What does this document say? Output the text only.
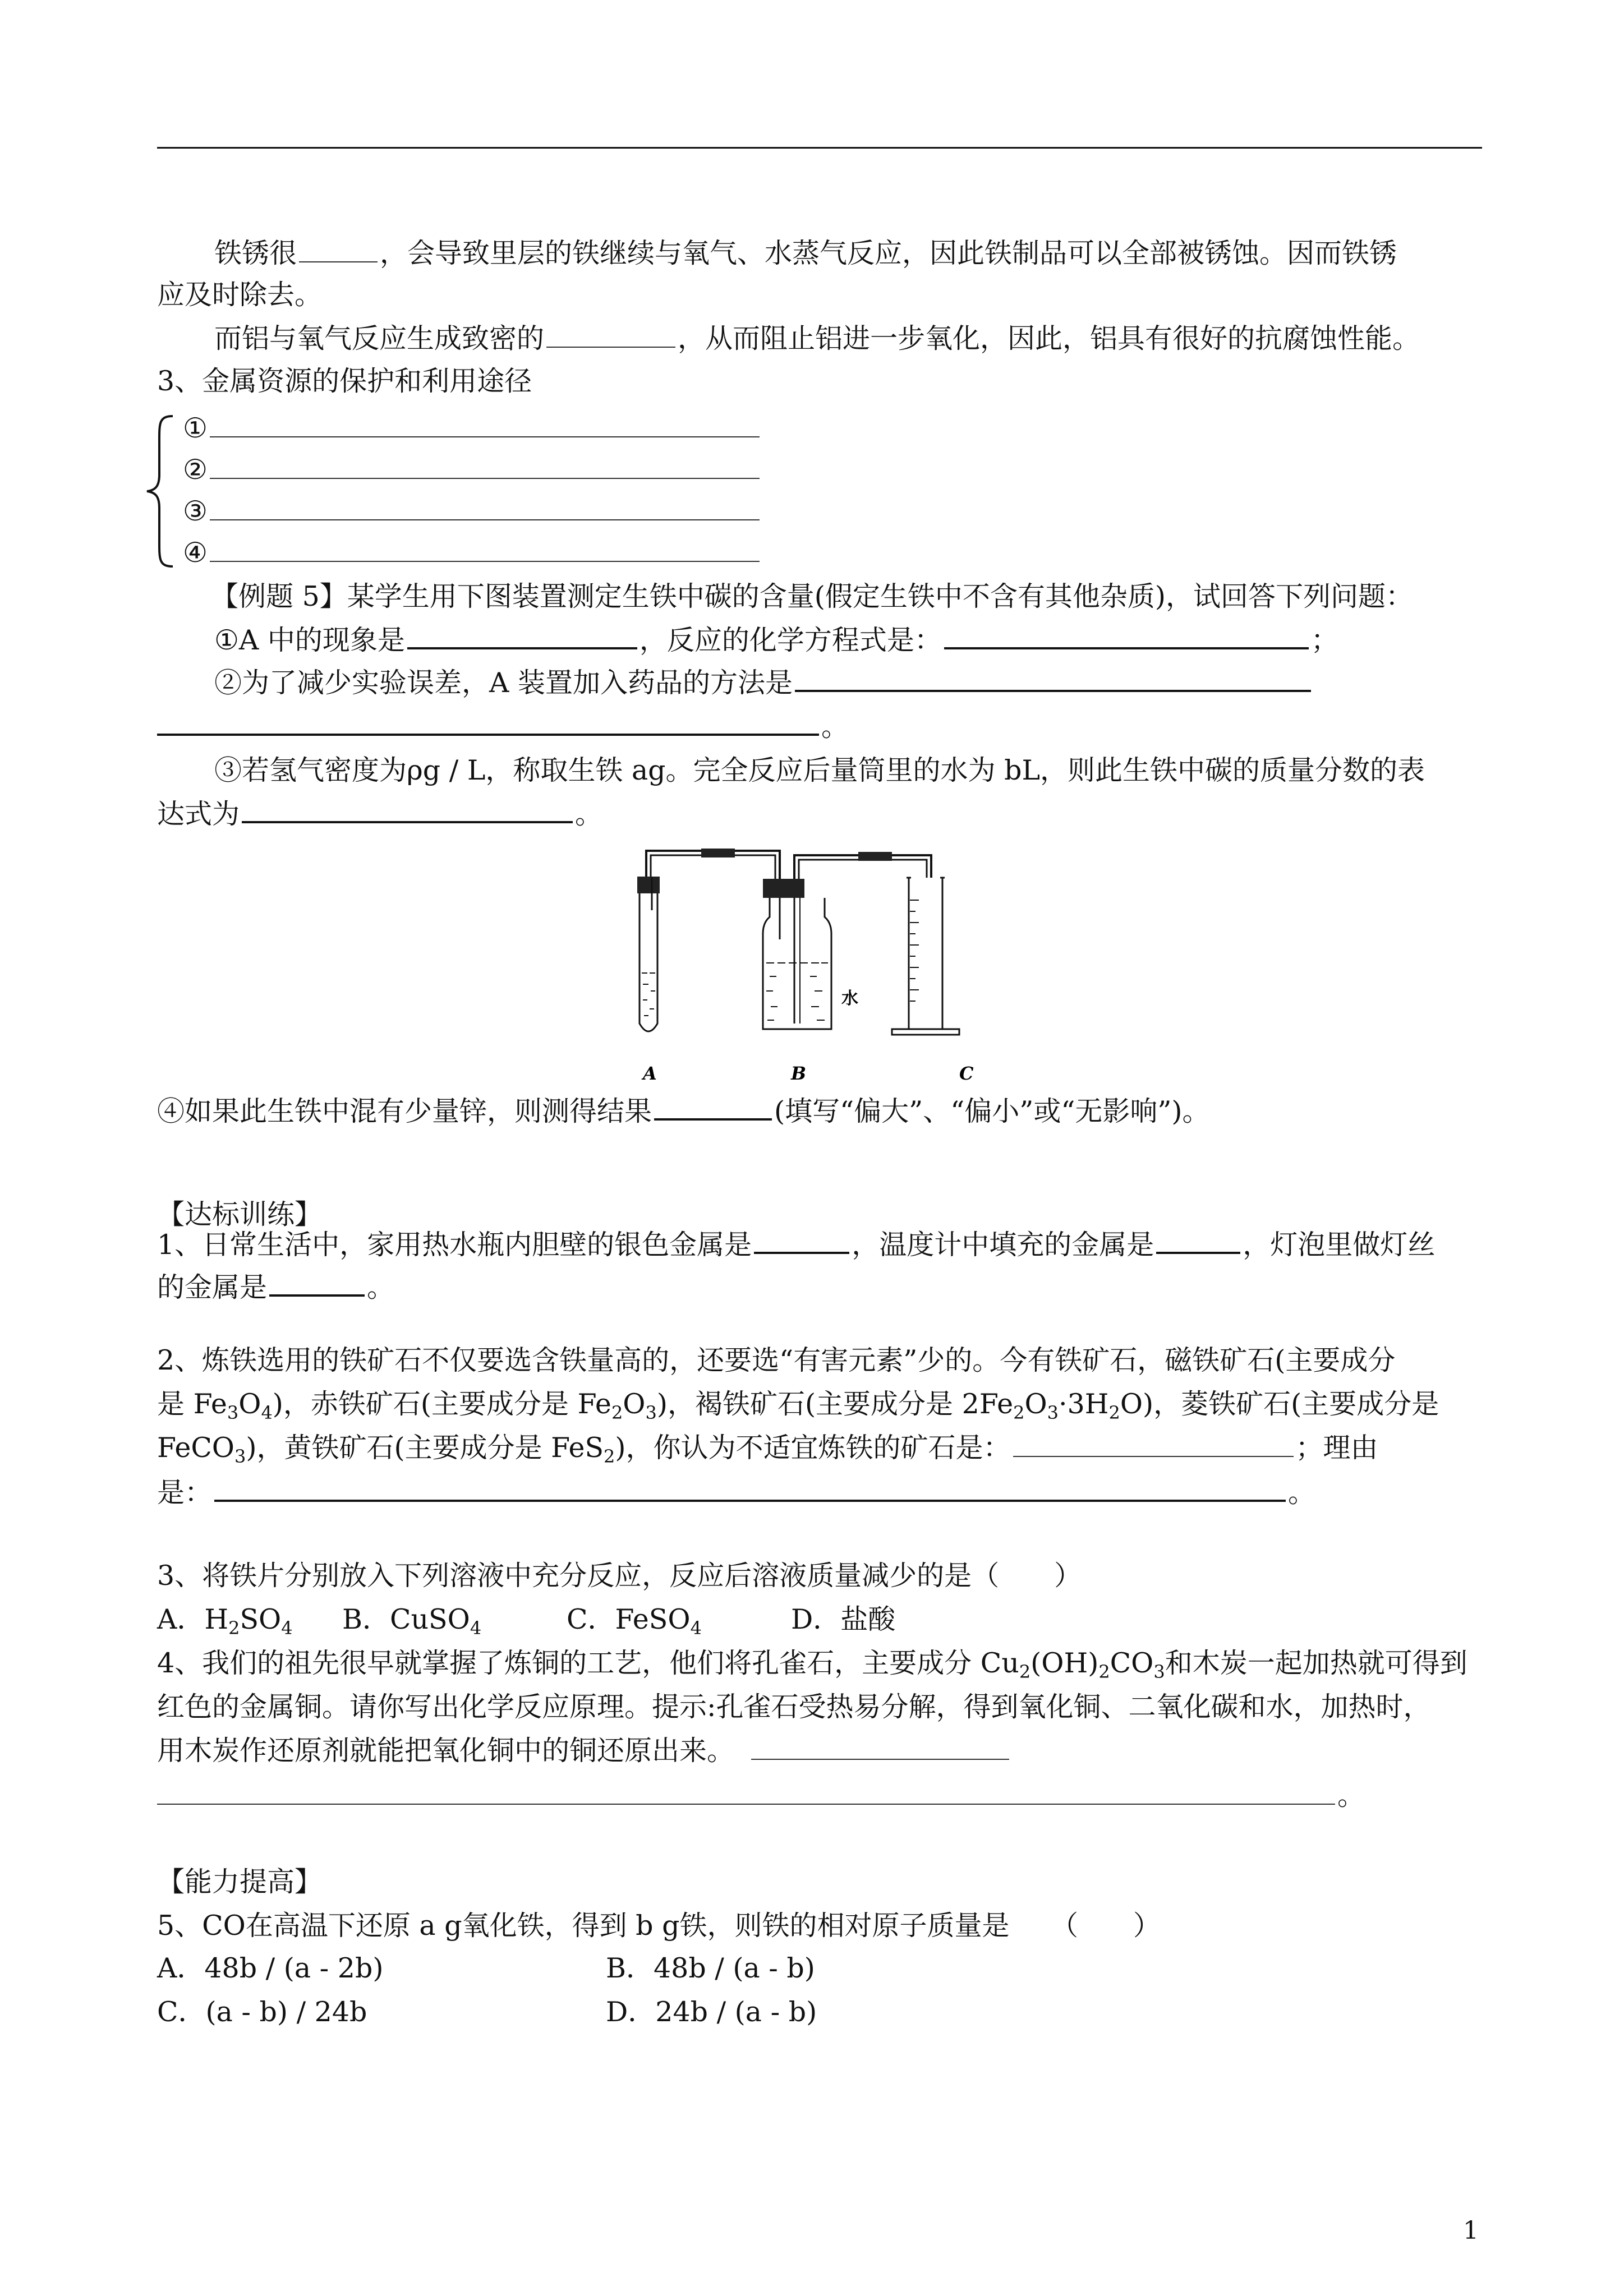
铁锈很	，会导致里层的铁继续与氧气、水蒸气反应，因此铁制品可以全部被锈蚀。因而铁锈
应及时除去。
而铝与氧气反应生成致密的	，从而阻止铝进一步氧化，因此，铝具有很好的抗腐蚀性能。
3、金属资源的保护和利用途径
①
②
③
④
【例题 5】某学生用下图装置测定生铁中碳的含量(假定生铁中不含有其他杂质)，试回答下列问题：
①A 中的现象是	，反应的化学方程式是：	；
②为了减少实验误差，A 装置加入药品的方法是
。
③若氢气密度为ρg / L，称取生铁 ag。完全反应后量筒里的水为 bL，则此生铁中碳的质量分数的表
达式为	。
水
A	B	C
④如果此生铁中混有少量锌，则测得结果	(填写“偏大”、“偏小”或“无影响”)。
【达标训练】
1、日常生活中，家用热水瓶内胆壁的银色金属是	，温度计中填充的金属是	，灯泡里做灯丝
的金属是	。
2、炼铁选用的铁矿石不仅要选含铁量高的，还要选“有害元素”少的。今有铁矿石，磁铁矿石(主要成分
是 $Fe_3O_4$)，赤铁矿石(主要成分是 $Fe_2O_3$)，褐铁矿石(主要成分是 $2Fe_2O_3\cdot 3H_2O$)，菱铁矿石(主要成分是
FeCO$_3$)，黄铁矿石(主要成分是 FeS$_2$)，你认为不适宜炼铁的矿石是：	；理由
是：	。
3、将铁片分别放入下列溶液中充分反应，反应后溶液质量减少的是（　　）
A．$H_2SO_4$ B．CuSO$_4$	C．FeSO$_4$	D．盐酸
4、我们的祖先很早就掌握了炼铜的工艺，他们将孔雀石，主要成分 $Cu_2(OH)_2CO_3$和木炭一起加热就可得到
红色的金属铜。请你写出化学反应原理。提示:孔雀石受热易分解，得到氧化铜、二氧化碳和水，加热时，
用木炭作还原剂就能把氧化铜中的铜还原出来。
。
【能力提高】
5、CO在高温下还原 a g氧化铁，得到 b g铁，则铁的相对原子质量是　　（　　）
A．48b / (a - 2b)	B．48b / (a - b)
C．(a - b) / 24b	D．24b / (a - b)
1
